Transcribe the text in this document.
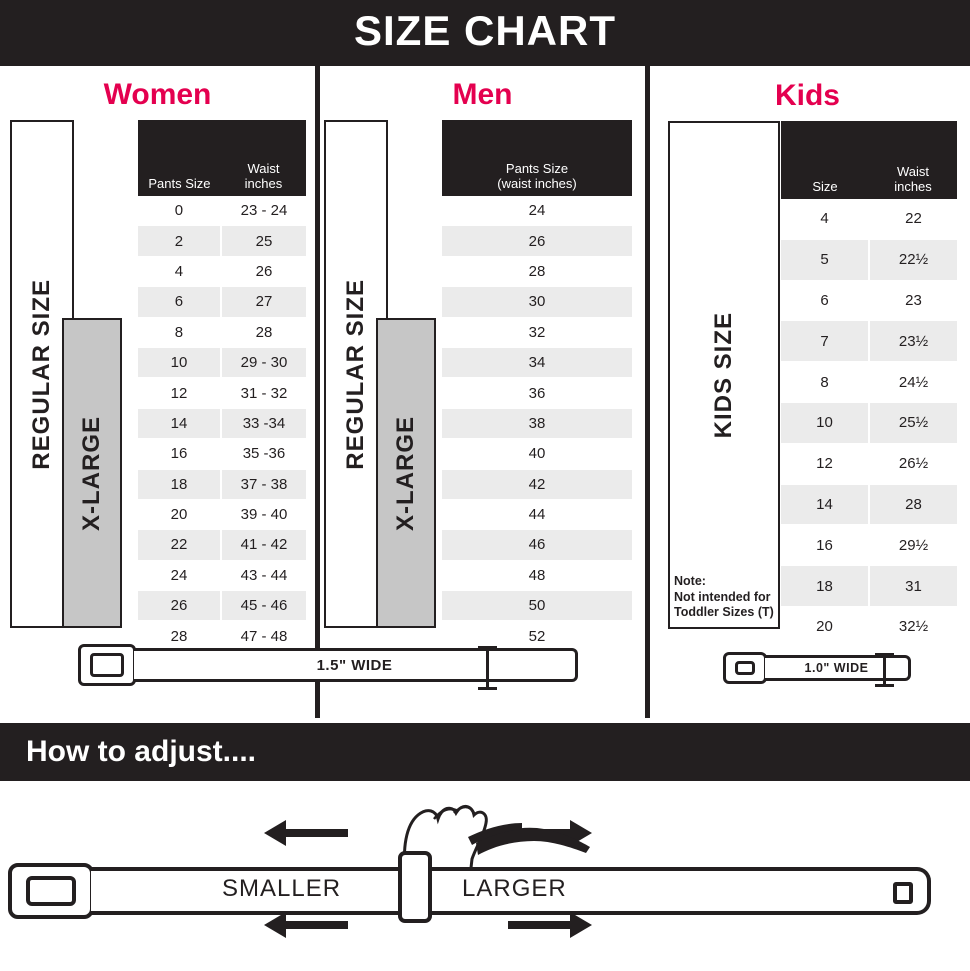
SIZE CHART
Women
REGULAR SIZE
X-LARGE
Pants Size	Waist
inches

0	23 - 24
2	25
4	26
6	27
8	28
10	29 - 30
12	31 - 32
14	33 -34
16	35 -36
18	37 - 38
20	39 - 40
22	41 - 42
24	43 - 44
26	45 - 46
28	47 - 48
Men
REGULAR SIZE
X-LARGE
Pants Size
(waist inches)

24
26
28
30
32
34
36
38
40
42
44
46
48
50
52
Kids
KIDS SIZE
Note:
Not intended for
Toddler Sizes (T)
Size	Waist
inches

4	22
5	22½
6	23
7	23½
8	24½
10	25½
12	26½
14	28
16	29½
18	31
20	32½
1.5" WIDE	1.0" WIDE
How to adjust....
SMALLER	LARGER
